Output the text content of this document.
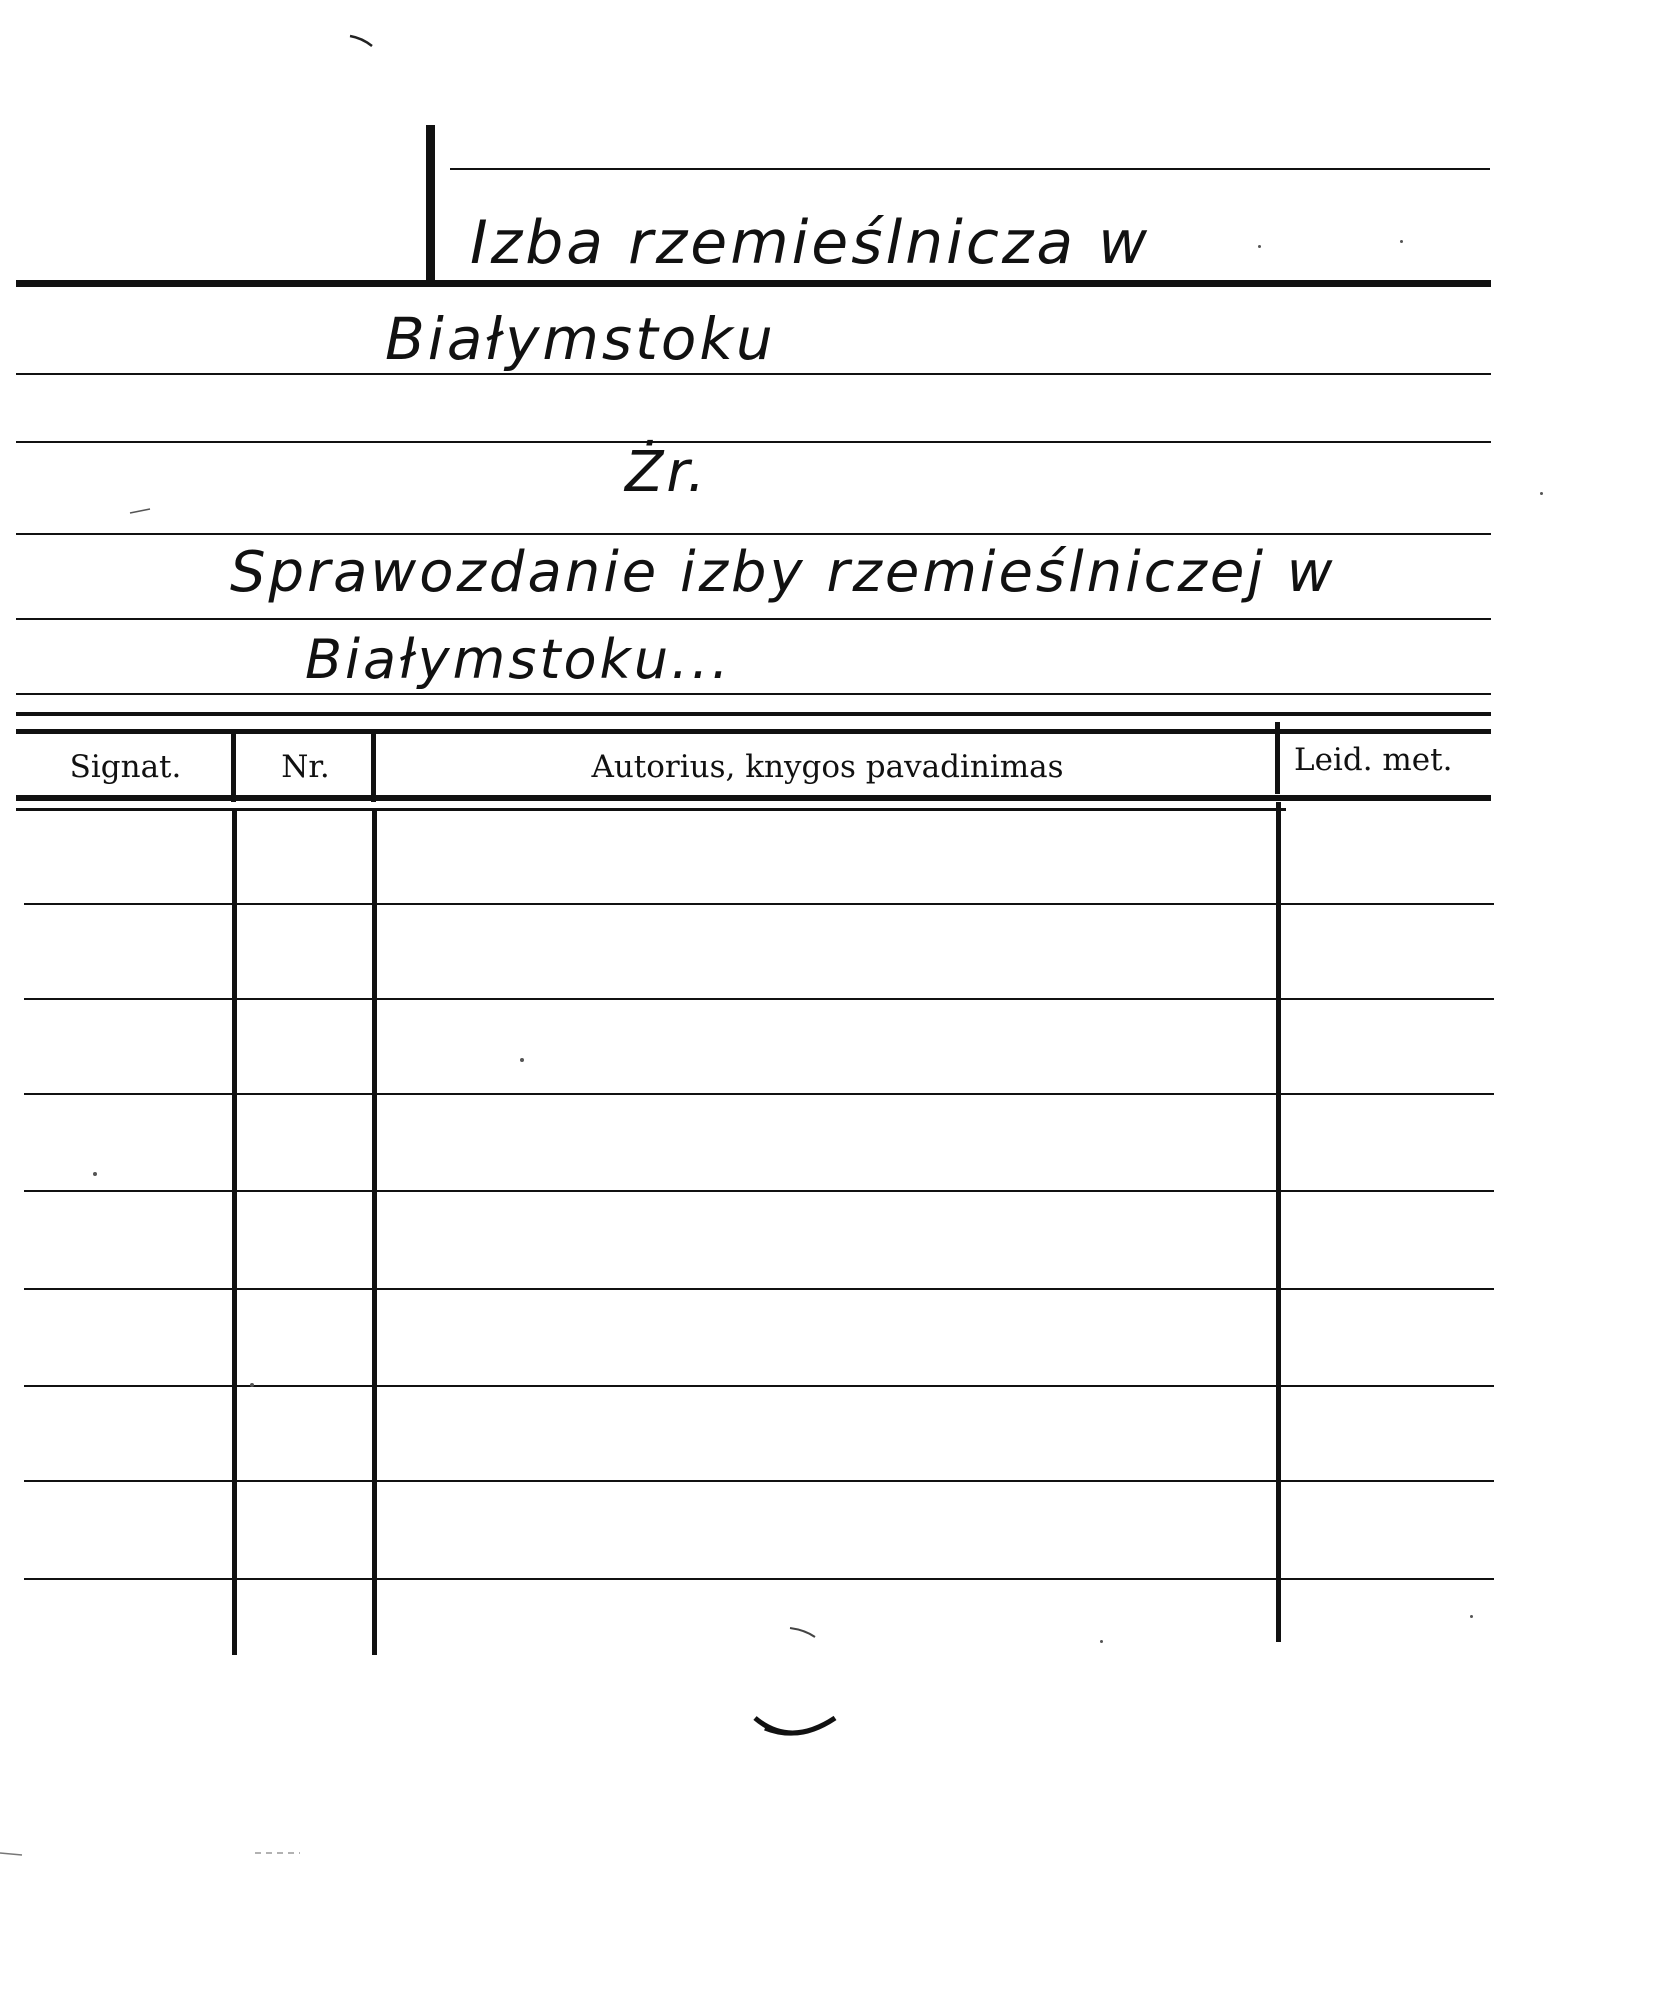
Izba rzemieślnicza w
Białymstoku
Żr.
Sprawozdanie izby rzemieślniczej w
Białymstoku...
Signat.	Nr.	Autorius, knygos pavadinimas	Leid. met.
